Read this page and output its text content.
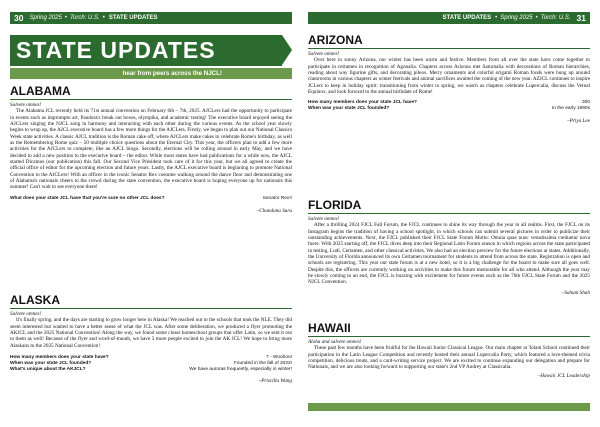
30	Spring 2025 • Torch: U.S. • STATE UPDATES
STATE UPDATES
hear from peers across the NJCL!
ALABAMA
Salvete omnes!

The Alabama JCL recently held its 71st annual convention on February 6th – 7th, 2025. AJCLers had the opportunity to participate in events such as impromptu art, Pandora's break out boxes, olympika, and academic testing! The executive board enjoyed seeing the AJCLers singing the NJCL song in harmony and interacting with each other during the various events. As the school year slowly begins to wrap up, the AJCL executive board has a few more things for the AJCLers. Firstly, we began to plan out our National Classics Week state activities. A classic AJCL tradition is the Roman cake off, where AJCLers make cakes to celebrate Rome's birthday, as well as the Remembering Rome quiz – 50 multiple choice questions about the Eternal City. This year, the officers plan to add a few more activities for the AJCLers to complete, like an AJCL bingo. Secondly, elections will be rolling around in early May, and we have decided to add a new position to the executive board – the editor. While most states have had publications for a while now, the AJCL started Dicamus (our publication) this fall. Our Second Vice President took care of it for this year, but we all agreed to create the official office of editor for the upcoming election and future years. Lastly, the AJCL executive board is beginning to promote National Convention to the AJCLers! With an officer in the iconic Senator Rex costume walking around the dance floor and demonstrating one of Alabama's nationals cheers to the crowd during the state convention, the executive board is hoping everyone up for nationals this summer! Can't wait to see everyone there!

What does your state JCL have that you're sure no other JCL does?	Senator Rex!!
–Chandana Suru
ALASKA
Salvete omnes!

It's finally spring, and the days are starting to grow longer here in Alaska! We reached out to the schools that took the NLE. They did seem interested but wanted to have a better sense of what the JCL was. After some deliberation, we produced a flyer promoting the AKJCL and the 2025 National Convention! Along the way, we found some closer homeschool groups that offer Latin, so we sent it out to them as well! Because of the flyer and word-of-mouth, we have 3 more people excited to join the AK JCL! We hope to bring more Alaskans to the 2025 National Convention!

How many members does your state have?	7 - Woohoo!
When was your state JCL founded?	Founded in the fall of 2022!
What's unique about the AKJCL?	We have auroras frequently, especially in winter!
–Priscilla Wang
STATE UPDATES • Spring 2025 • Torch: U.S. 31
ARIZONA
Salvete omnes!

Over here in sunny Arizona, our winter has been warm and festive. Members from all over the state have come together to participate in certamen in recognition of Agonalia. Chapters across Arizona met Saturnalia with decorations of Roman hierarchies, reading about way figurine gifts, and decorating pileos. Merry ornaments and colorful origami Roman foods were hung up around classrooms in various chapters as winter festivals and animal sacrifices awaited the coming of the new year. AZJCL continues to inspire JCLers to keep in holiday spirit: transitioning from winter to spring, we watch as chapters celebrate Lupercalia, discuss the Vernal Equinox, and look forward to the annual birthdate of Rome!

How many members does your state JCL have?	300
When was your state JCL founded?	In the early 1990s
–Priya Lee
FLORIDA
Salvete omnes!

After a thrilling 2024 FJCL Fall Forum, the FJCL continues to shine its way through the year in all realms. First, the FJCL on its Instagram begins the tradition of having a school spotlight, in which schools can submit several pictures in order to publicize their outstanding achievements. Next, the FJCL published their FJCL State Forum Motto: Omnia quae nunc vetustissima creduntur nova fuere. With 2025 starting off, the FJCL dives deep into their Regional Latin Forum season in which regions across the state participated in testing, Ludi, Certamen, and other classical activities. We also had an election preview for the future elections at states. Additionally, the University of Florida announced its own Certamen tournament for students to attend from across the state. Registration is open and schools are registering. This year our state forum is at a new hotel, so it is a big challenge for the board to make sure all goes well. Despite this, the officers are currently working on activities to make this forum memorable for all who attend. Although the year may be slowly coming to an end, the FJCL is buzzing with excitement for future events such as the 76th FJCL State Forum and the 2025 NJCL Convention.

–Sohum Shah
HAWAII
Aloha and salvete omnes!

These past few months have been fruitful for the Hawaii Junior Classical League. Our main chapter at 'Iolani School continued their participation in the Latin League Competition and recently hosted their annual Lupercalia Party, which featured a love-themed trivia competition, delicious treats, and a card-writing service project. We are excited to continue expanding our delegation and prepare for Nationals, and we are also looking forward to supporting our state's 2nd VP Audrey at Classicalia.

–Hawaii JCL Leadership
